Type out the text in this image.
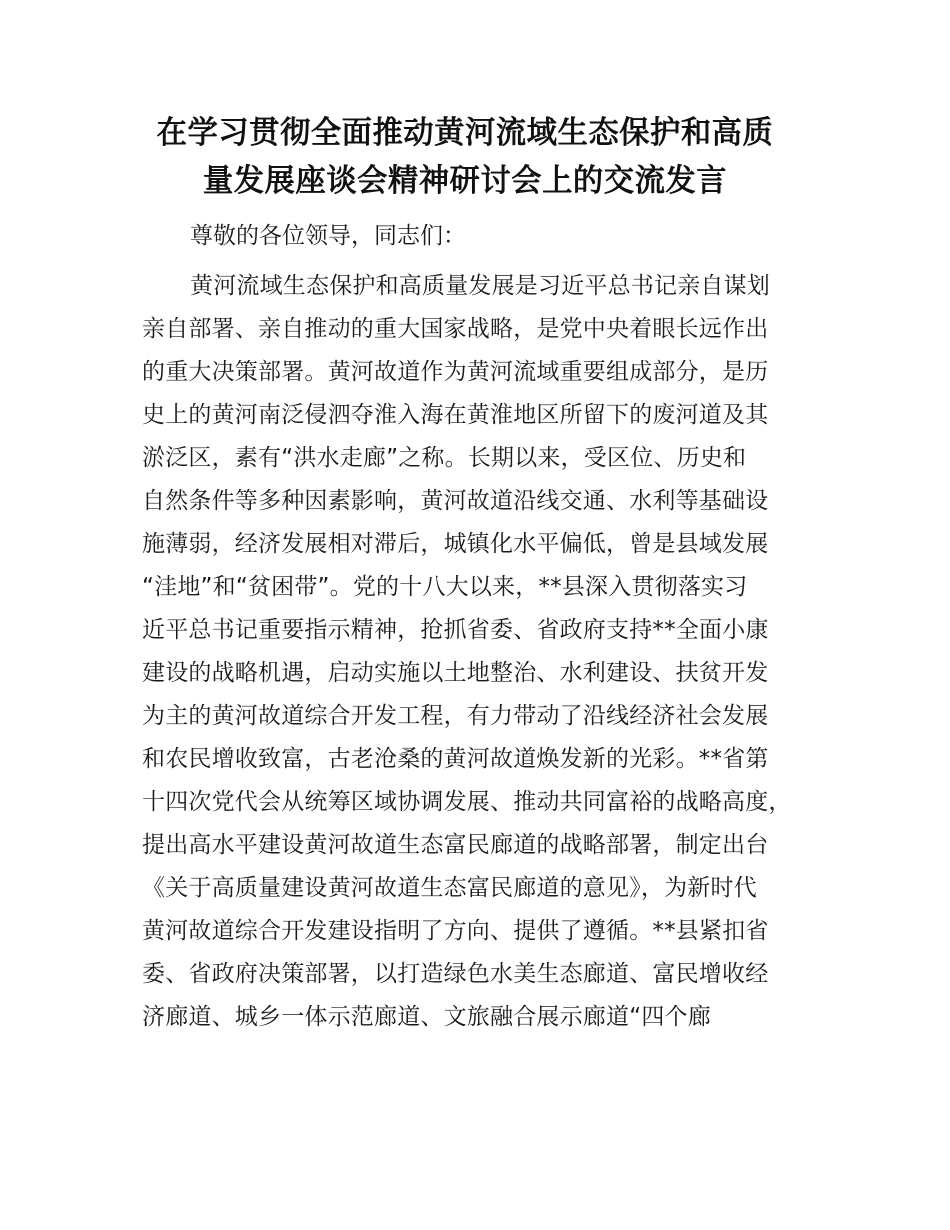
在学习贯彻全面推动黄河流域生态保护和高质
量发展座谈会精神研讨会上的交流发言
尊敬的各位领导，同志们：
黄河流域生态保护和高质量发展是习近平总书记亲自谋划
亲自部署、亲自推动的重大国家战略，是党中央着眼长远作出
的重大决策部署。黄河故道作为黄河流域重要组成部分，是历
史上的黄河南泛侵泗夺淮入海在黄淮地区所留下的废河道及其
淤泛区，素有“洪水走廊”之称。长期以来，受区位、历史和
自然条件等多种因素影响，黄河故道沿线交通、水利等基础设
施薄弱，经济发展相对滞后，城镇化水平偏低，曾是县域发展
“洼地”和“贫困带”。党的十八大以来，**县深入贯彻落实习
近平总书记重要指示精神，抢抓省委、省政府支持**全面小康
建设的战略机遇，启动实施以土地整治、水利建设、扶贫开发
为主的黄河故道综合开发工程，有力带动了沿线经济社会发展
和农民增收致富，古老沧桑的黄河故道焕发新的光彩。**省第
十四次党代会从统筹区域协调发展、推动共同富裕的战略高度，
提出高水平建设黄河故道生态富民廊道的战略部署，制定出台
《关于高质量建设黄河故道生态富民廊道的意见》，为新时代
黄河故道综合开发建设指明了方向、提供了遵循。**县紧扣省
委、省政府决策部署，以打造绿色水美生态廊道、富民增收经
济廊道、城乡一体示范廊道、文旅融合展示廊道“四个廊
